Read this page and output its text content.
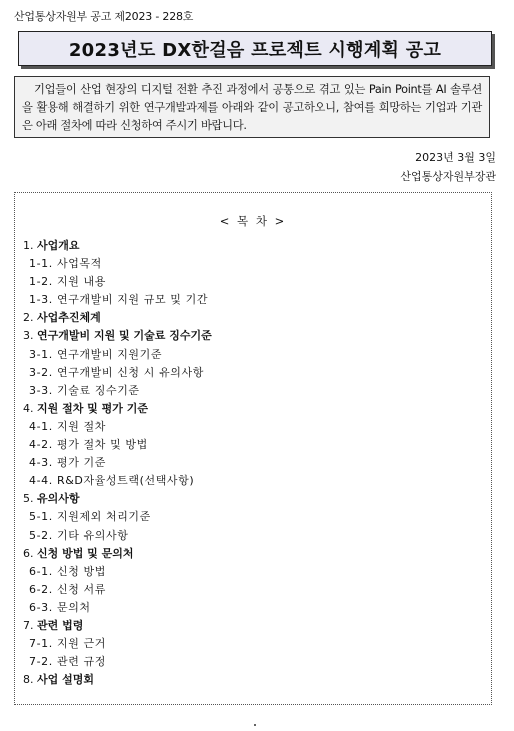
산업통상자원부 공고 제2023 - 228호
2023년도 DX한걸음 프로젝트 시행계획 공고

기업들이 산업 현장의 디지털 전환 추진 과정에서 공통으로 겪고 있는 Pain Point를 AI 솔루션을 활용해 해결하기 위한 연구개발과제를 아래와 같이 공고하오니, 참여를 희망하는 기업과 기관은 아래 절차에 따라 신청하여 주시기 바랍니다.

2023년 3월 3일
산업통상자원부장관
< 목 차 >
1. 사업개요
1-1. 사업목적
1-2. 지원 내용
1-3. 연구개발비 지원 규모 및 기간
2. 사업추진체계
3. 연구개발비 지원 및 기술료 징수기준
3-1. 연구개발비 지원기준
3-2. 연구개발비 신청 시 유의사항
3-3. 기술료 징수기준
4. 지원 절차 및 평가 기준
4-1. 지원 절차
4-2. 평가 절차 및 방법
4-3. 평가 기준
4-4. R&D자율성트랙(선택사항)
5. 유의사항
5-1. 지원제외 처리기준
5-2. 기타 유의사항
6. 신청 방법 및 문의처
6-1. 신청 방법
6-2. 신청 서류
6-3. 문의처
7. 관련 법령
7-1. 지원 근거
7-2. 관련 규정
8. 사업 설명회
